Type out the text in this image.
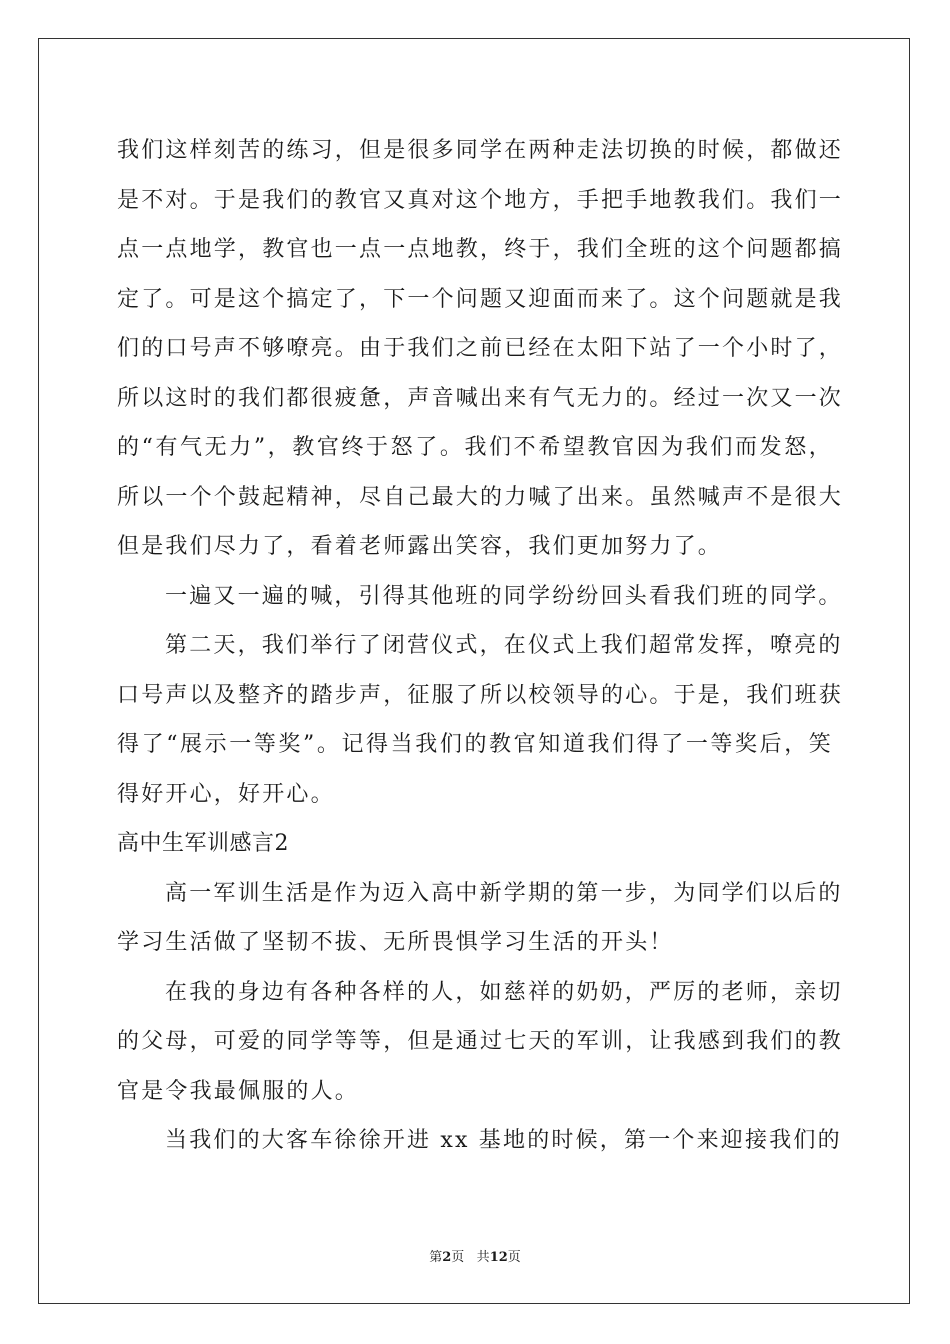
我们这样刻苦的练习，但是很多同学在两种走法切换的时候，都做还
是不对。于是我们的教官又真对这个地方，手把手地教我们。我们一
点一点地学，教官也一点一点地教，终于，我们全班的这个问题都搞
定了。可是这个搞定了，下一个问题又迎面而来了。这个问题就是我
们的口号声不够嘹亮。由于我们之前已经在太阳下站了一个小时了，
所以这时的我们都很疲惫，声音喊出来有气无力的。经过一次又一次
的“有气无力”，教官终于怒了。我们不希望教官因为我们而发怒，
所以一个个鼓起精神，尽自己最大的力喊了出来。虽然喊声不是很大
但是我们尽力了，看着老师露出笑容，我们更加努力了。
一遍又一遍的喊，引得其他班的同学纷纷回头看我们班的同学。
第二天，我们举行了闭营仪式，在仪式上我们超常发挥，嘹亮的
口号声以及整齐的踏步声，征服了所以校领导的心。于是，我们班获
得了“展示一等奖”。记得当我们的教官知道我们得了一等奖后，笑
得好开心，好开心。
高中生军训感言2
高一军训生活是作为迈入高中新学期的第一步，为同学们以后的
学习生活做了坚韧不拔、无所畏惧学习生活的开头！
在我的身边有各种各样的人，如慈祥的奶奶，严厉的老师，亲切
的父母，可爱的同学等等，但是通过七天的军训，让我感到我们的教
官是令我最佩服的人。
当我们的大客车徐徐开进 xx 基地的时候，第一个来迎接我们的
第2页 共12页
